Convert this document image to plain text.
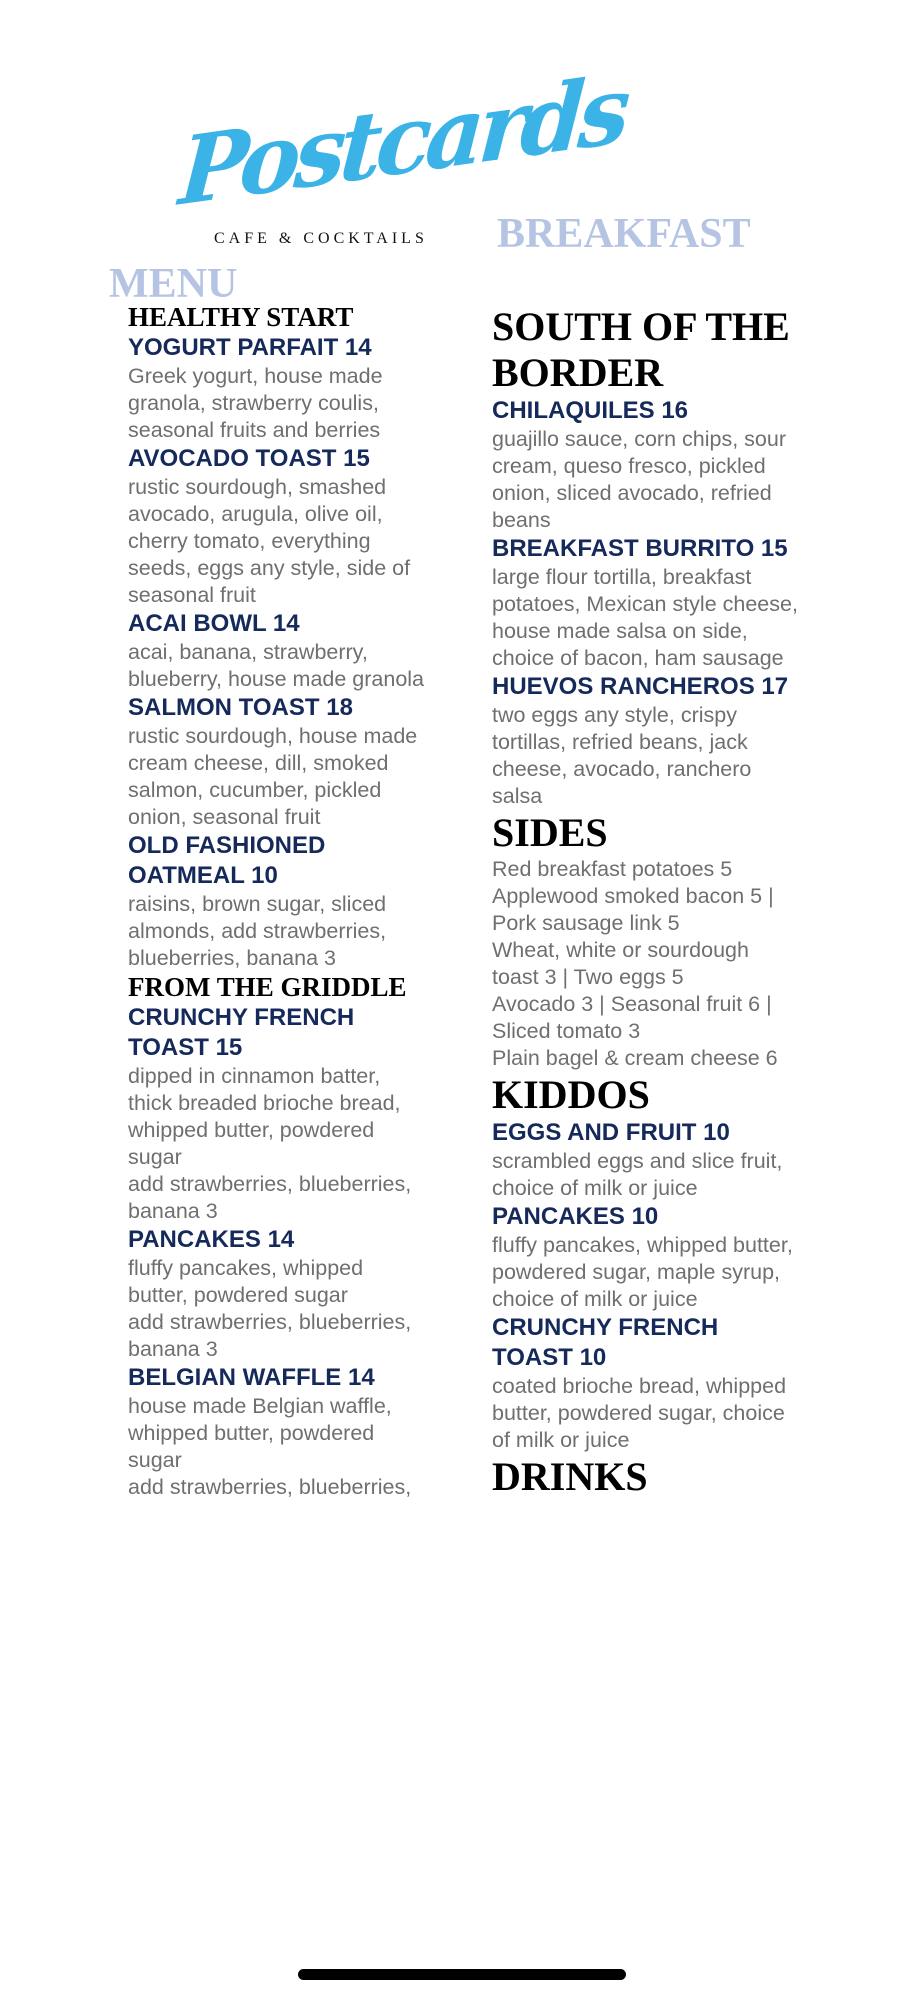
Postcards
CAFE & COCKTAILS BREAKFAST
MENU

HEALTHY START

YOGURT PARFAIT 14

Greek yogurt, house made

granola, strawberry coulis,

seasonal fruits and berries

AVOCADO TOAST 15

rustic sourdough, smashed

avocado, arugula, olive oil,

cherry tomato, everything

seeds, eggs any style, side of

seasonal fruit

ACAI BOWL 14

acai, banana, strawberry,

blueberry, house made granola

SALMON TOAST 18

rustic sourdough, house made

cream cheese, dill, smoked

salmon, cucumber, pickled

onion, seasonal fruit

OLD FASHIONED

OATMEAL 10

raisins, brown sugar, sliced

almonds, add strawberries,

blueberries, banana 3

FROM THE GRIDDLE

CRUNCHY FRENCH

TOAST 15

dipped in cinnamon batter,

thick breaded brioche bread,

whipped butter, powdered

sugar

add strawberries, blueberries,

banana 3

PANCAKES 14

fluffy pancakes, whipped

butter, powdered sugar

add strawberries, blueberries,

banana 3

BELGIAN WAFFLE 14

house made Belgian waffle,

whipped butter, powdered

sugar

add strawberries, blueberries,

SOUTH OF THE

BORDER

CHILAQUILES 16

guajillo sauce, corn chips, sour

cream, queso fresco, pickled

onion, sliced avocado, refried

beans

BREAKFAST BURRITO 15

large flour tortilla, breakfast

potatoes, Mexican style cheese,

house made salsa on side,

choice of bacon, ham sausage

HUEVOS RANCHEROS 17

two eggs any style, crispy

tortillas, refried beans, jack

cheese, avocado, ranchero

salsa

SIDES

Red breakfast potatoes 5

Applewood smoked bacon 5 |

Pork sausage link 5

Wheat, white or sourdough

toast 3 | Two eggs 5

Avocado 3 | Seasonal fruit 6 |

Sliced tomato 3

Plain bagel & cream cheese 6

KIDDOS

EGGS AND FRUIT 10

scrambled eggs and slice fruit,

choice of milk or juice

PANCAKES 10

fluffy pancakes, whipped butter,

powdered sugar, maple syrup,

choice of milk or juice

CRUNCHY FRENCH

TOAST 10

coated brioche bread, whipped

butter, powdered sugar, choice

of milk or juice

DRINKS
